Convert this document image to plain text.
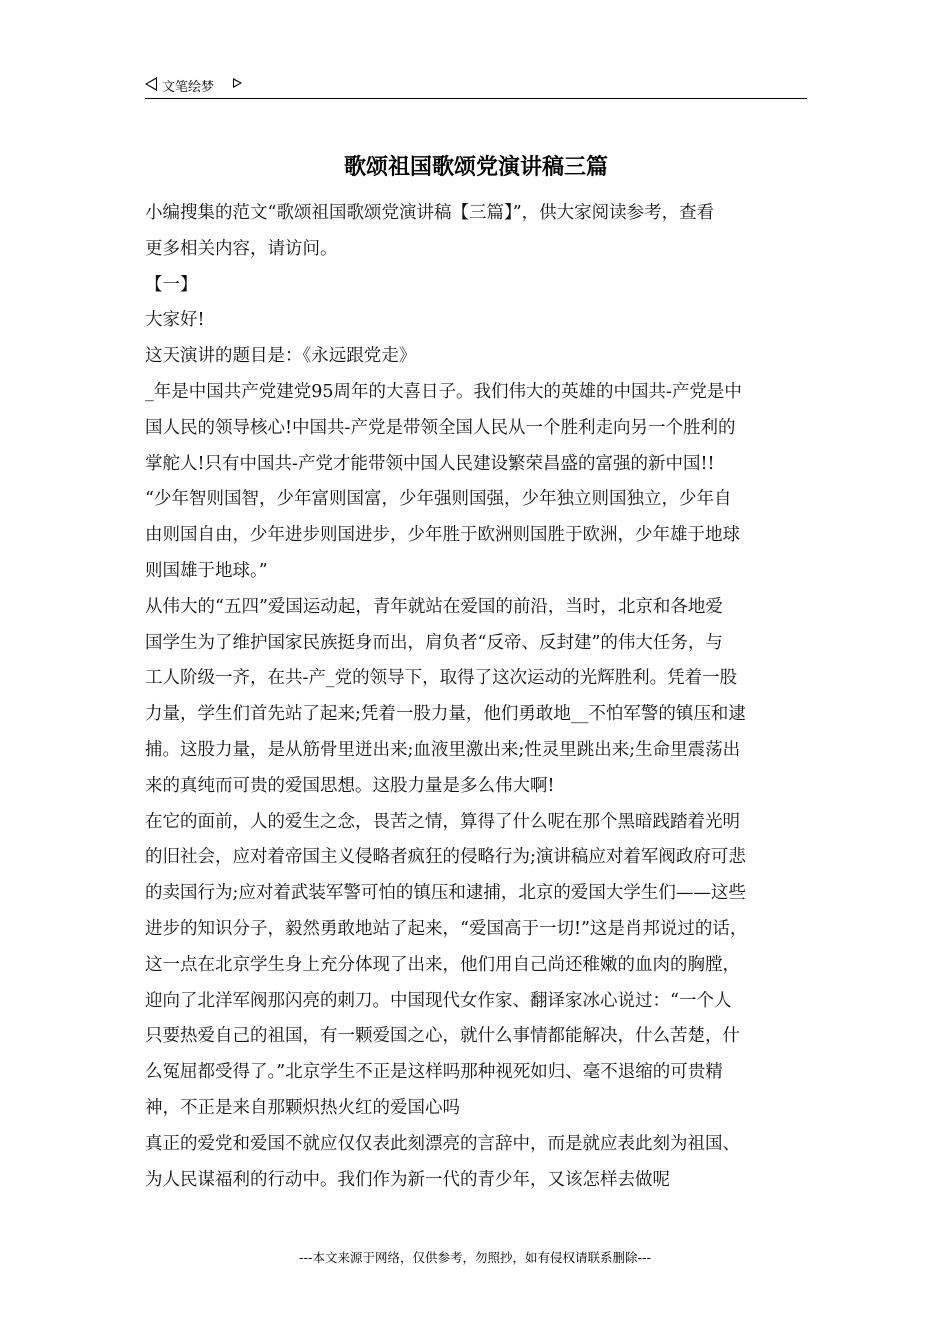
文笔绘梦
歌颂祖国歌颂党演讲稿三篇

小编搜集的范文“歌颂祖国歌颂党演讲稿【三篇】”，供大家阅读参考，查看

更多相关内容，请访问。

【一】

大家好!

这天演讲的题目是：《永远跟党走》

_年是中国共产党建党95周年的大喜日子。我们伟大的英雄的中国共-产党是中

国人民的领导核心!中国共-产党是带领全国人民从一个胜利走向另一个胜利的

掌舵人!只有中国共-产党才能带领中国人民建设繁荣昌盛的富强的新中国!!

“少年智则国智，少年富则国富，少年强则国强，少年独立则国独立，少年自

由则国自由，少年进步则国进步，少年胜于欧洲则国胜于欧洲，少年雄于地球

则国雄于地球。”

从伟大的“五四”爱国运动起，青年就站在爱国的前沿，当时，北京和各地爱

国学生为了维护国家民族挺身而出，肩负者“反帝、反封建”的伟大任务，与

工人阶级一齐，在共-产_党的领导下，取得了这次运动的光辉胜利。凭着一股

力量，学生们首先站了起来;凭着一股力量，他们勇敢地__不怕军警的镇压和逮

捕。这股力量，是从筋骨里迸出来;血液里激出来;性灵里跳出来;生命里震荡出

来的真纯而可贵的爱国思想。这股力量是多么伟大啊!

在它的面前，人的爱生之念，畏苦之情，算得了什么呢在那个黑暗践踏着光明

的旧社会，应对着帝国主义侵略者疯狂的侵略行为;演讲稿应对着军阀政府可悲

的卖国行为;应对着武装军警可怕的镇压和逮捕，北京的爱国大学生们——这些

进步的知识分子，毅然勇敢地站了起来，“爱国高于一切!”这是肖邦说过的话，

这一点在北京学生身上充分体现了出来，他们用自己尚还稚嫩的血肉的胸膛，

迎向了北洋军阀那闪亮的刺刀。中国现代女作家、翻译家冰心说过：“一个人

只要热爱自己的祖国，有一颗爱国之心，就什么事情都能解决，什么苦楚，什

么冤屈都受得了。”北京学生不正是这样吗那种视死如归、毫不退缩的可贵精

神，不正是来自那颗炽热火红的爱国心吗

真正的爱党和爱国不就应仅仅表此刻漂亮的言辞中，而是就应表此刻为祖国、

为人民谋福利的行动中。我们作为新一代的青少年，又该怎样去做呢

---本文来源于网络，仅供参考，勿照抄，如有侵权请联系删除---
